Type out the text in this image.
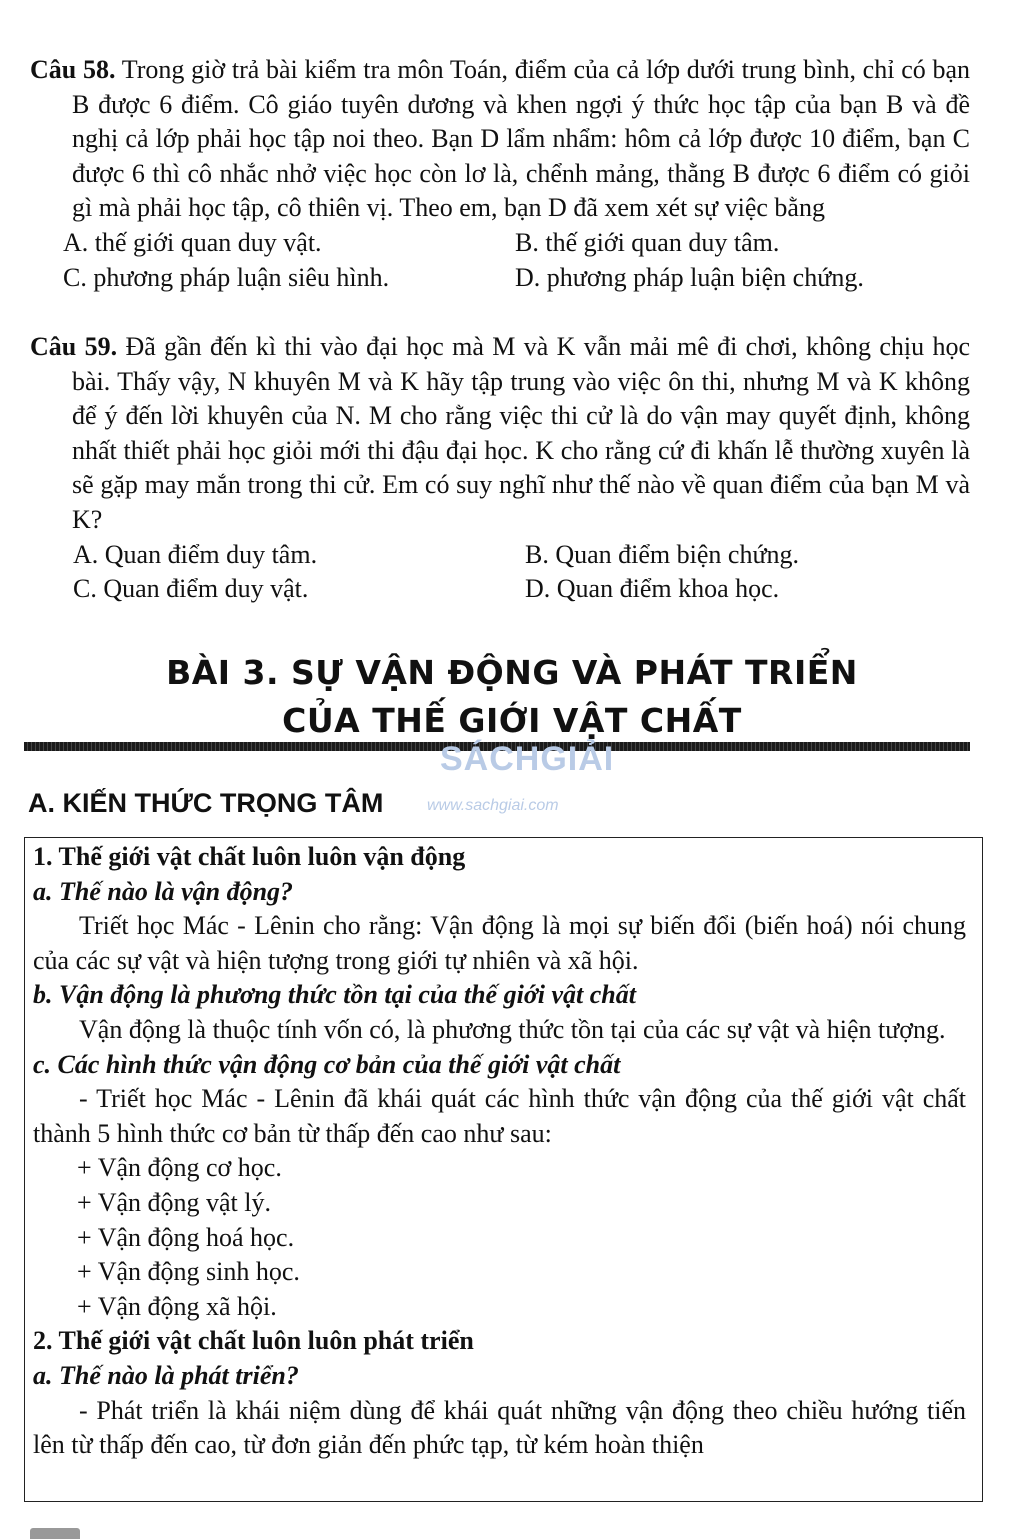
Câu 58. Trong giờ trả bài kiểm tra môn Toán, điểm của cả lớp dưới trung bình, chỉ có bạn B được 6 điểm. Cô giáo tuyên dương và khen ngợi ý thức học tập của bạn B và đề nghị cả lớp phải học tập noi theo. Bạn D lẩm nhẩm: hôm cả lớp được 10 điểm, bạn C được 6 thì cô nhắc nhở việc học còn lơ là, chểnh mảng, thằng B được 6 điểm có giỏi gì mà phải học tập, cô thiên vị. Theo em, bạn D đã xem xét sự việc bằng
A. thế giới quan duy vật.	B. thế giới quan duy tâm.
C. phương pháp luận siêu hình.	D. phương pháp luận biện chứng.
Câu 59. Đã gần đến kì thi vào đại học mà M và K vẫn mải mê đi chơi, không chịu học bài. Thấy vậy, N khuyên M và K hãy tập trung vào việc ôn thi, nhưng M và K không để ý đến lời khuyên của N. M cho rằng việc thi cử là do vận may quyết định, không nhất thiết phải học giỏi mới thi đậu đại học. K cho rằng cứ đi khấn lễ thường xuyên là sẽ gặp may mắn trong thi cử. Em có suy nghĩ như thế nào về quan điểm của bạn M và K?
A. Quan điểm duy tâm.	B. Quan điểm biện chứng.
C. Quan điểm duy vật.	D. Quan điểm khoa học.
BÀI 3. SỰ VẬN ĐỘNG VÀ PHÁT TRIỂN
CỦA THẾ GIỚI VẬT CHẤT
SÁCHGIẢI
www.sachgiai.com
A. KIẾN THỨC TRỌNG TÂM
1. Thế giới vật chất luôn luôn vận động
a. Thế nào là vận động?
Triết học Mác - Lênin cho rằng: Vận động là mọi sự biến đổi (biến hoá) nói chung của các sự vật và hiện tượng trong giới tự nhiên và xã hội.
b. Vận động là phương thức tồn tại của thế giới vật chất
Vận động là thuộc tính vốn có, là phương thức tồn tại của các sự vật và hiện tượng.
c. Các hình thức vận động cơ bản của thế giới vật chất
- Triết học Mác - Lênin đã khái quát các hình thức vận động của thế giới vật chất thành 5 hình thức cơ bản từ thấp đến cao như sau:
+ Vận động cơ học.
+ Vận động vật lý.
+ Vận động hoá học.
+ Vận động sinh học.
+ Vận động xã hội.
2. Thế giới vật chất luôn luôn phát triển
a. Thế nào là phát triển?
- Phát triển là khái niệm dùng để khái quát những vận động theo chiều hướng tiến lên từ thấp đến cao, từ đơn giản đến phức tạp, từ kém hoàn thiện
